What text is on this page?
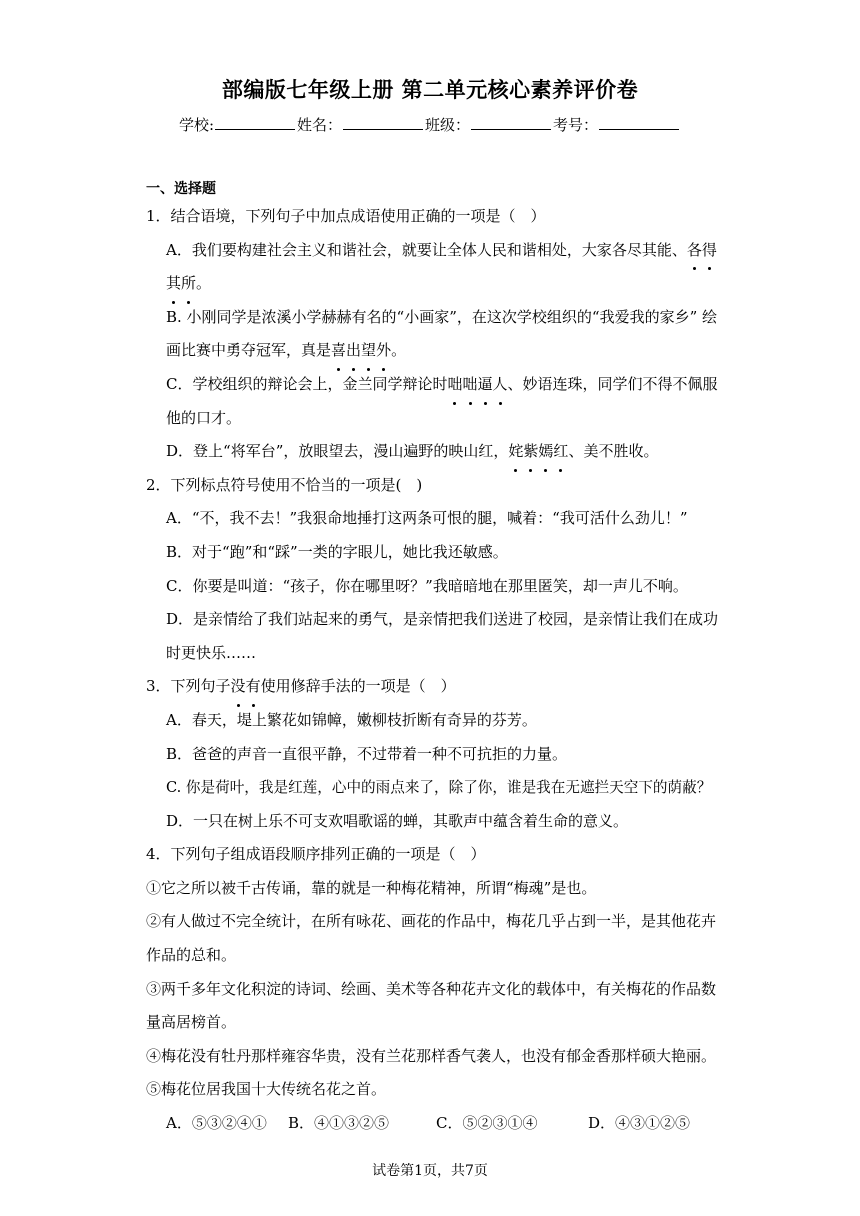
部编版七年级上册 第二单元核心素养评价卷
学校:	姓名：	班级：	考号：
一、选择题
1．结合语境，下列句子中加点成语使用正确的一项是（　）
A．我们要构建社会主义和谐社会，就要让全体人民和谐相处，大家各尽其能、各得
其所。
B. 小刚同学是浓溪小学赫赫有名的“小画家”，在这次学校组织的“我爱我的家乡” 绘
画比赛中勇夺冠军，真是喜出望外。
C．学校组织的辩论会上，金兰同学辩论时咄咄逼人、妙语连珠，同学们不得不佩服
他的口才。
D．登上“将军台”，放眼望去，漫山遍野的映山红，姹紫嫣红、美不胜收。
2．下列标点符号使用不恰当的一项是(　)
A．“不，我不去！”我狠命地捶打这两条可恨的腿，喊着：“我可活什么劲儿！”
B．对于“跑”和“踩”一类的字眼儿，她比我还敏感。
C．你要是叫道：“孩子，你在哪里呀？”我暗暗地在那里匿笑，却一声儿不响。
D．是亲情给了我们站起来的勇气，是亲情把我们送进了校园，是亲情让我们在成功
时更快乐……
3．下列句子没有使用修辞手法的一项是（　）
A．春天，堤上繁花如锦幛，嫩柳枝折断有奇异的芬芳。
B．爸爸的声音一直很平静，不过带着一种不可抗拒的力量。
C. 你是荷叶，我是红莲，心中的雨点来了，除了你，谁是我在无遮拦天空下的荫蔽？
D．一只在树上乐不可支欢唱歌谣的蝉，其歌声中蕴含着生命的意义。
4．下列句子组成语段顺序排列正确的一项是（　）
①它之所以被千古传诵，靠的就是一种梅花精神，所谓“梅魂”是也。
②有人做过不完全统计，在所有咏花、画花的作品中，梅花几乎占到一半，是其他花卉
作品的总和。
③两千多年文化积淀的诗词、绘画、美术等各种花卉文化的载体中，有关梅花的作品数
量高居榜首。
④梅花没有牡丹那样雍容华贵，没有兰花那样香气袭人，也没有郁金香那样硕大艳丽。
⑤梅花位居我国十大传统名花之首。
A．⑤③②④①	B．④①③②⑤	C．⑤②③①④	D．④③①②⑤
试卷第1页，共7页
